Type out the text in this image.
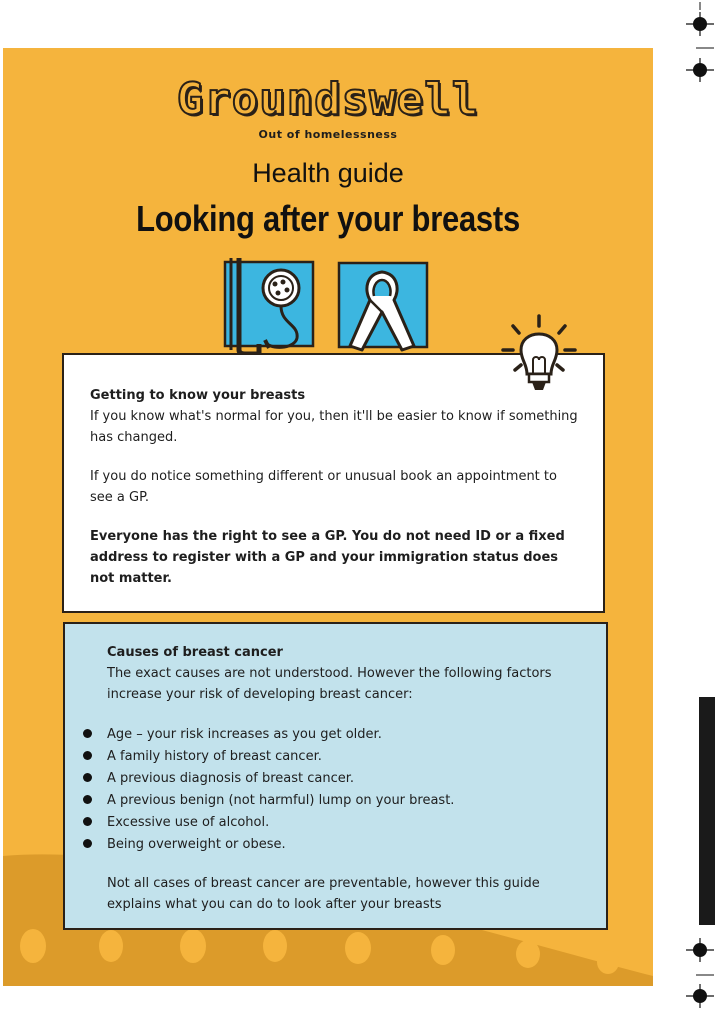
Groundswell
Out of homelessness
Health guide
Looking after your breasts

Getting to know your breasts

If you know what's normal for you, then it'll be easier to know if something has changed.

If you do notice something different or unusual book an appointment to see a GP.

Everyone has the right to see a GP. You do not need ID or a fixed address to register with a GP and your immigration status does not matter.

Causes of breast cancer

The exact causes are not understood. However the following factors increase your risk of developing breast cancer:

Age – your risk increases as you get older.
A family history of breast cancer.
A previous diagnosis of breast cancer.
A previous benign (not harmful) lump on your breast.
Excessive use of alcohol.
Being overweight or obese.

Not all cases of breast cancer are preventable, however this guide explains what you can do to look after your breasts
